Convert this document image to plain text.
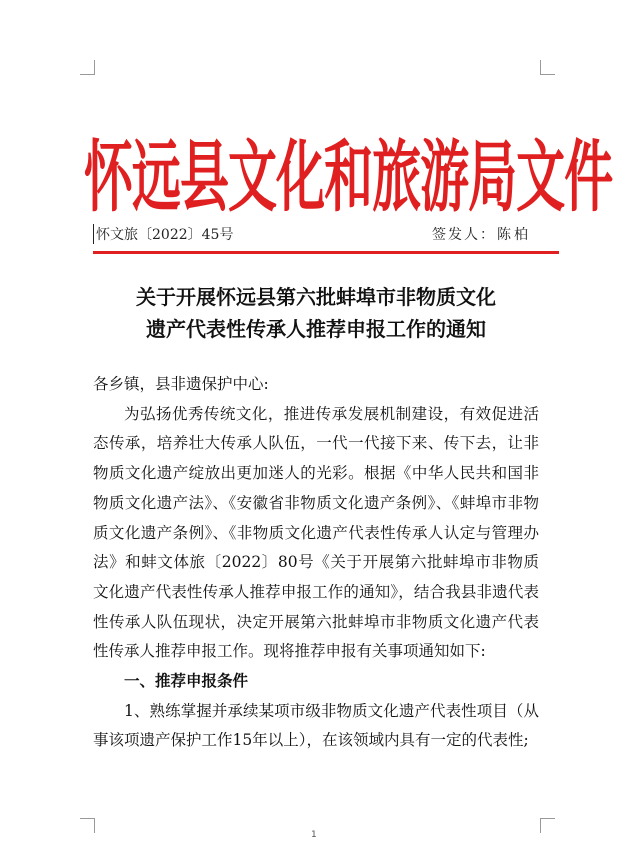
怀远县文化和旅游局文件
怀文旅〔2022〕45号	签发人： 陈柏
关于开展怀远县第六批蚌埠市非物质文化
遗产代表性传承人推荐申报工作的通知

各乡镇，县非遗保护中心:

为弘扬优秀传统文化，推进传承发展机制建设，有效促进活态传承，培养壮大传承人队伍，一代一代接下来、传下去，让非物质文化遗产绽放出更加迷人的光彩。根据《中华人民共和国非物质文化遗产法》、《安徽省非物质文化遗产条例》、《蚌埠市非物质文化遗产条例》、《非物质文化遗产代表性传承人认定与管理办法》和蚌文体旅〔2022〕80号《关于开展第六批蚌埠市非物质文化遗产代表性传承人推荐申报工作的通知》，结合我县非遗代表性传承人队伍现状，决定开展第六批蚌埠市非物质文化遗产代表性传承人推荐申报工作。现将推荐申报有关事项通知如下:

一、推荐申报条件

1、熟练掌握并承续某项市级非物质文化遗产代表性项目（从事该项遗产保护工作15年以上），在该领域内具有一定的代表性;

1
